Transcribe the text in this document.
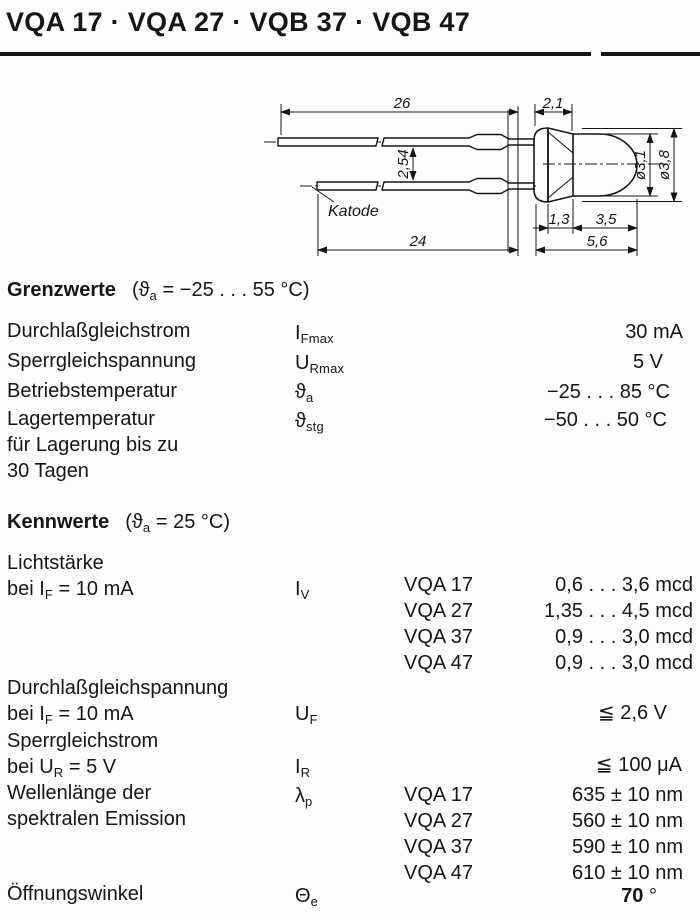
VQA 17 · VQA 27 · VQB 37 · VQB 47
26	2,1
2,54
24
1,3 3,5
5,6
ø3,1 ø3,8
Katode
Grenzwerte ($ϑ_a = -25$ . . . 55 °C)
Durchlaßgleichstrom	$I_{Fmax}$	30 mA
Sperrgleichspannung	$U_{Rmax}$	5 V
Betriebstemperatur	$ϑ_a$	−25 . . . 85 °C
Lagertemperatur
für Lagerung bis zu
30 Tagen
$ϑ_{stg}$	−50 . . . 50 °C
Kennwerte ($ϑ_a = 25$ °C)
Lichtstärke
bei $I_F = 10$ mA	$I_V$	VQA 17	0,6 . . . 3,6 mcd
VQA 27	1,35 . . . 4,5 mcd
VQA 37	0,9 . . . 3,0 mcd
VQA 47	0,9 . . . 3,0 mcd
Durchlaßgleichspannung
bei $I_F = 10$ mA	$U_F$	≦ 2,6 V
Sperrgleichstrom
bei $U_R = 5$ V	$I_R$	≦ 100 μA
Wellenlänge der
spektralen Emission
$\lambda_p$	VQA 17	635 ± 10 nm
VQA 27	560 ± 10 nm
VQA 37	590 ± 10 nm
VQA 47	610 ± 10 nm
Öffnungswinkel	$\Theta_e$	70 °
